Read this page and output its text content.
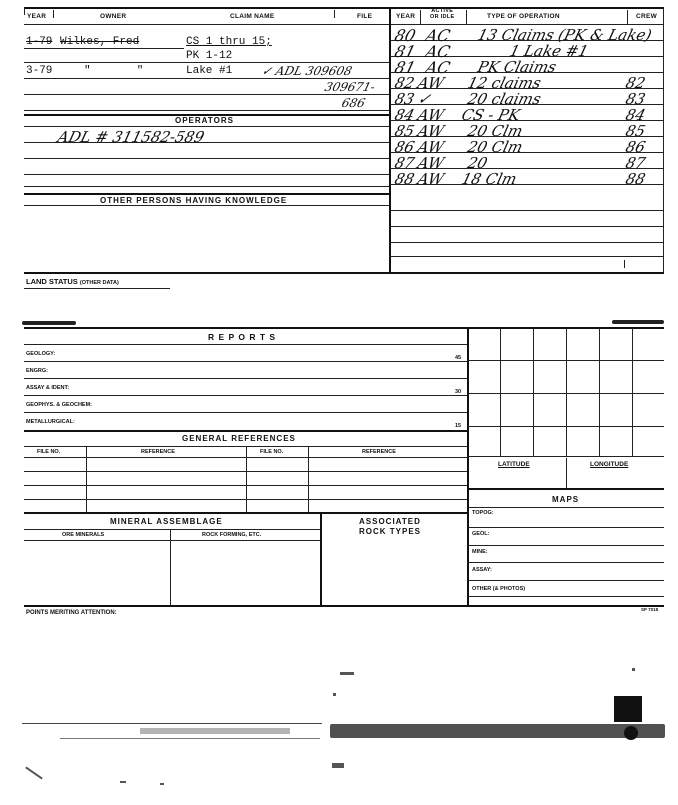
YEAR	OWNER	CLAIM NAME	FILE	YEAR
ACTIVE
OR IDLE	TYPE OF OPERATION	CREW
1-79 Wilkes, Fred	CS 1 thru 15;
PK 1-12
3-79	"       "	Lake #1 ✓ ADL 309608
309671-
686
OPERATORS
ADL # 311582-589
OTHER PERSONS HAVING KNOWLEDGE
80 AC 13 Claims (PK & Lake)
81 AC	1 Lake #1
81 AC PK Claims
82 AW 12 claims	82
83 ✓ 20 claims	83
84 AW CS - PK	84
85 AW 20 Clm	85
86 AW 20 Clm	86
87 AW 20	87
88 AW 18 Clm	88
LAND STATUS (OTHER DATA)
R E P O R T S
GEOLOGY:
45
ENGRG:
ASSAY & IDENT:
30
GEOPHYS. & GEOCHEM:
METALLURGICAL:
15
GENERAL REFERENCES
FILE NO.	REFERENCE	FILE NO.	REFERENCE
LATITUDE	LONGITUDE
MAPS
TOPOG:
GEOL:
MINE:
ASSAY:
OTHER (& PHOTOS)
MINERAL ASSEMBLAGE
ORE MINERALS	ROCK FORMING, ETC.
ASSOCIATED
ROCK TYPES
POINTS MERITING ATTENTION:
SP 7018
